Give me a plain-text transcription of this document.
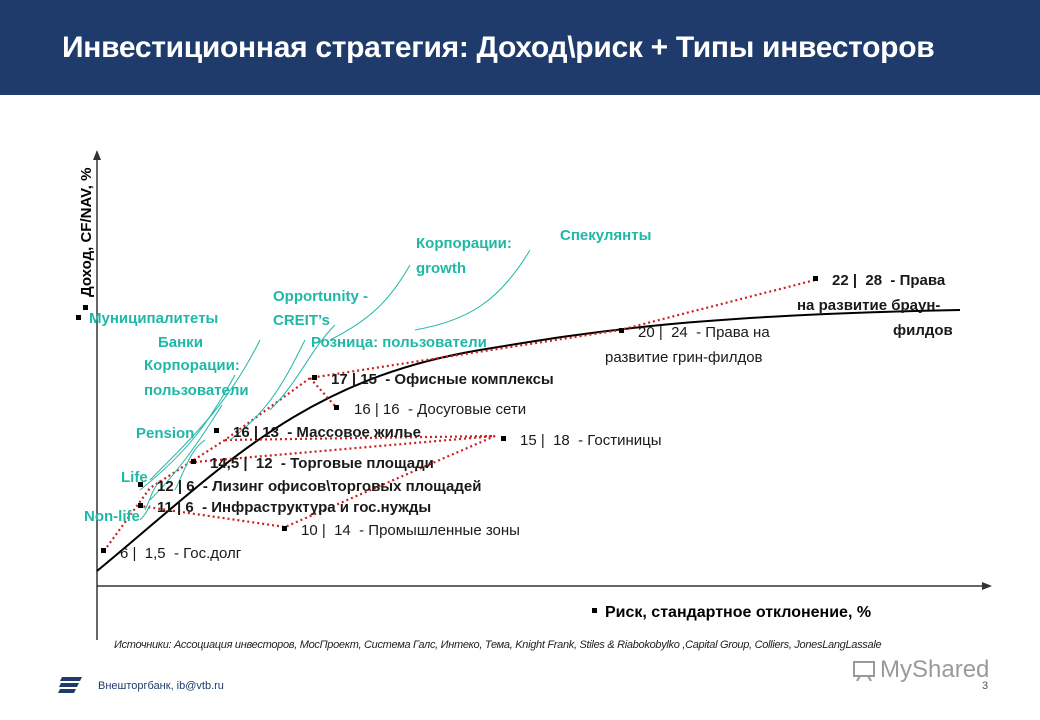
Инвестиционная стратегия: Доход\риск + Типы инвесторов
Доход, CF/NAV, %
Риск, стандартное отклонение, %
Спекулянты
Корпорации:
growth
Opportunity -
CREIT’s
Розница: пользователи
Муниципалитеты
Банки
Корпорации:
пользователи
Pension
Life
Non-life
22 |  28  - Права
на развитие браун-
филдов
20 |  24  - Права на
развитие грин-филдов
17 | 15  - Офисные комплексы
16 | 16  - Досуговые сети
16 | 13  - Массовое жилье	15 |  18  - Гостиницы
14,5 |  12  - Торговые площади
12 | 6  - Лизинг офисов\торговых площадей
11 | 6  - Инфраструктура и гос.нужды
10 |  14  - Промышленные зоны
6 |  1,5  - Гос.долг
Источники: Ассоциация инвесторов, МосПроект, Система Галс, Интеко, Тема, Knight Frank, Stiles & Riabokobylko ,Capital Group, Colliers, JonesLangLassale
Внешторгбанк, ib@vtb.ru	3
MyShared
